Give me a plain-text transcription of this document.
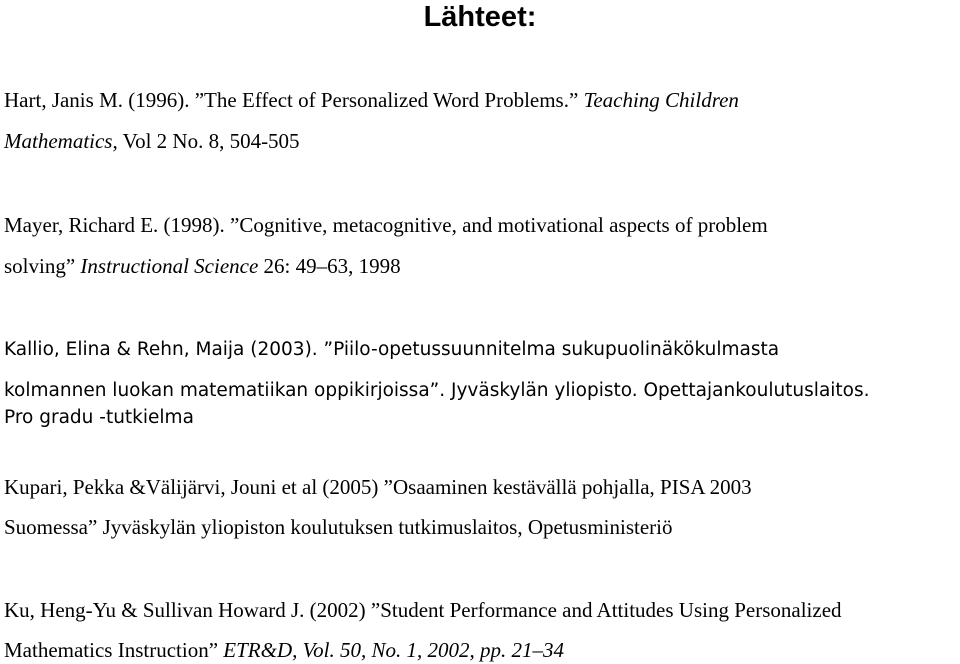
Lähteet:
Hart, Janis M. (1996). ”The Effect of Personalized Word Problems.” Teaching Children
Mathematics, Vol 2 No. 8, 504-505
Mayer, Richard E. (1998). ”Cognitive, metacognitive, and motivational aspects of problem
solving” Instructional Science 26: 49–63, 1998
Kallio, Elina & Rehn, Maija (2003). ”Piilo-opetussuunnitelma sukupuolinäkökulmasta
kolmannen luokan matematiikan oppikirjoissa”. Jyväskylän yliopisto. Opettajankoulutuslaitos.
Pro gradu -tutkielma
Kupari, Pekka &Välijärvi, Jouni et al (2005) ”Osaaminen kestävällä pohjalla, PISA 2003
Suomessa” Jyväskylän yliopiston koulutuksen tutkimuslaitos, Opetusministeriö
Ku, Heng-Yu & Sullivan Howard J. (2002) ”Student Performance and Attitudes Using Personalized
Mathematics Instruction” ETR&D, Vol. 50, No. 1, 2002, pp. 21–34
